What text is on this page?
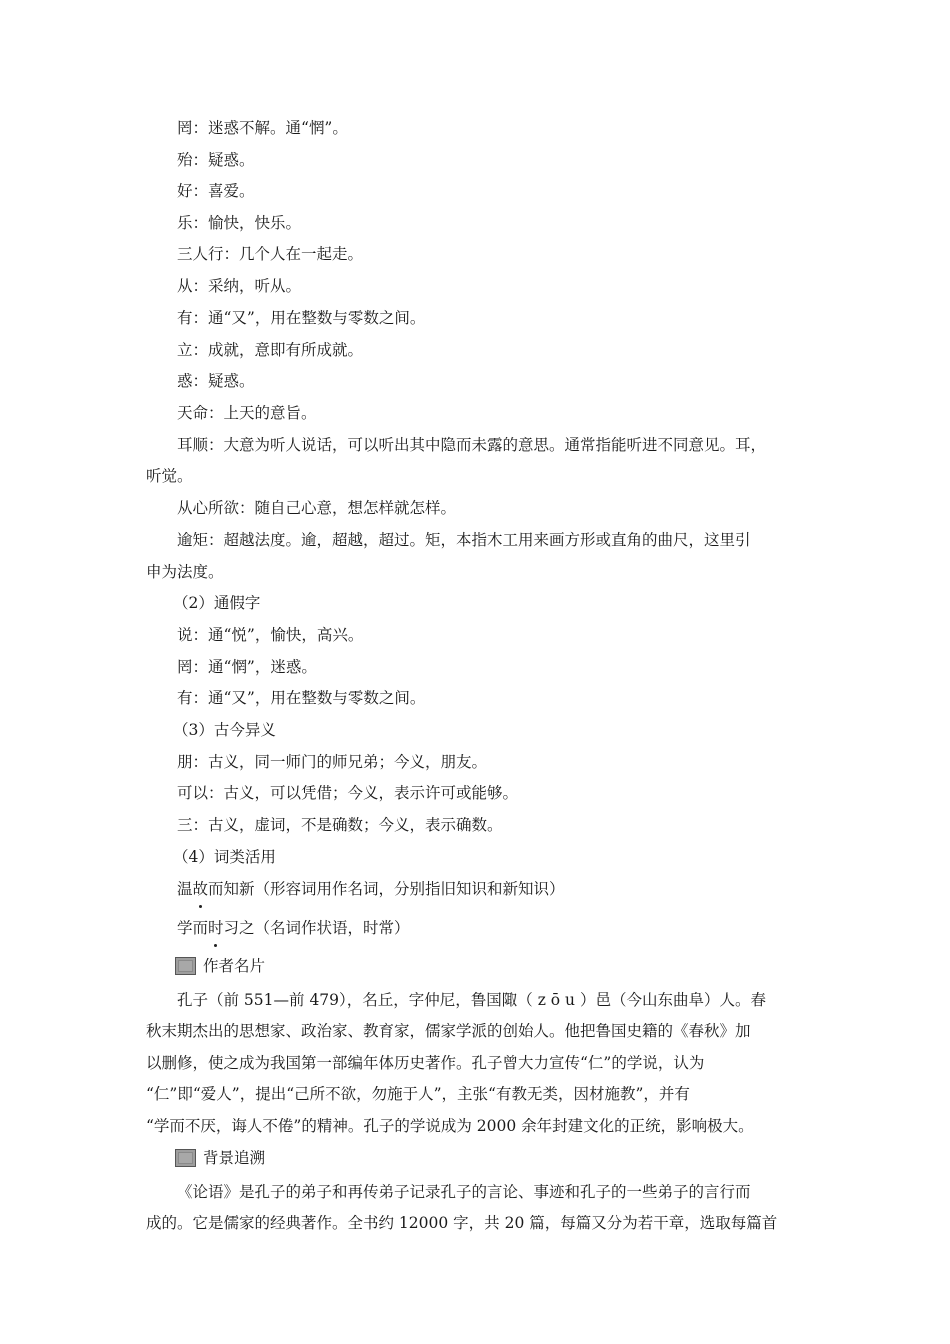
罔：迷惑不解。通“惘”。
殆：疑惑。
好：喜爱。
乐：愉快，快乐。
三人行：几个人在一起走。
从：采纳，听从。
有：通“又”，用在整数与零数之间。
立：成就，意即有所成就。
惑：疑惑。
天命：上天的意旨。
耳顺：大意为听人说话，可以听出其中隐而未露的意思。通常指能听进不同意见。耳，
听觉。
从心所欲：随自己心意，想怎样就怎样。
逾矩：超越法度。逾，超越，超过。矩，本指木工用来画方形或直角的曲尺，这里引
申为法度。
（2）通假字
说：通“悦”，愉快，高兴。
罔：通“惘”，迷惑。
有：通“又”，用在整数与零数之间。
（3）古今异义
朋：古义，同一师门的师兄弟；今义，朋友。
可以：古义，可以凭借；今义，表示许可或能够。
三：古义，虚词，不是确数；今义，表示确数。
（4）词类活用
温故而知新（形容词用作名词，分别指旧知识和新知识）
学而时习之（名词作状语，时常）
作者名片
孔子（前 551—前 479），名丘，字仲尼，鲁国陬（ z ō u ）邑（今山东曲阜）人。春
秋末期杰出的思想家、政治家、教育家，儒家学派的创始人。他把鲁国史籍的《春秋》加
以删修，使之成为我国第一部编年体历史著作。孔子曾大力宣传“仁”的学说，认为
“仁”即“爱人”，提出“己所不欲，勿施于人”，主张“有教无类，因材施教”，并有
“学而不厌，诲人不倦”的精神。孔子的学说成为 2000 余年封建文化的正统，影响极大。
背景追溯
《论语》是孔子的弟子和再传弟子记录孔子的言论、事迹和孔子的一些弟子的言行而
成的。它是儒家的经典著作。全书约 12000 字，共 20 篇，每篇又分为若干章，选取每篇首
